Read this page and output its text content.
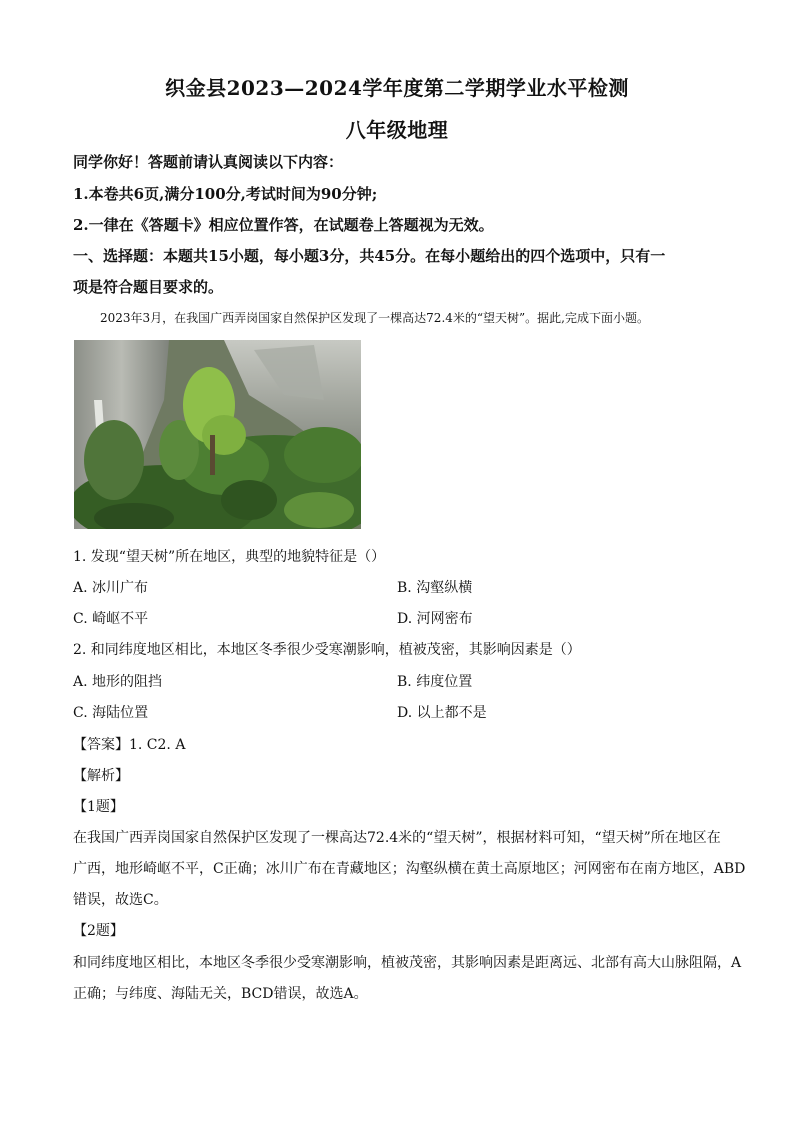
织金县2023—2024学年度第二学期学业水平检测
八年级地理
同学你好！答题前请认真阅读以下内容：
1.本卷共6页,满分100分,考试时间为90分钟;
2.一律在《答题卡》相应位置作答，在试题卷上答题视为无效。
一、选择题：本题共15小题，每小题3分，共45分。在每小题给出的四个选项中，只有一
项是符合题目要求的。
2023年3月，在我国广西弄岗国家自然保护区发现了一棵高达72.4米的“望天树”。据此,完成下面小题。
1. 发现“望天树”所在地区，典型的地貌特征是（）
A. 冰川广布	B. 沟壑纵横
C. 崎岖不平	D. 河网密布
2. 和同纬度地区相比，本地区冬季很少受寒潮影响，植被茂密，其影响因素是（）
A. 地形的阻挡	B. 纬度位置
C. 海陆位置	D. 以上都不是
【答案】1. C2. A
【解析】
【1题】
在我国广西弄岗国家自然保护区发现了一棵高达72.4米的“望天树”，根据材料可知，“望天树”所在地区在
广西，地形崎岖不平，C正确；冰川广布在青藏地区；沟壑纵横在黄土高原地区；河网密布在南方地区，ABD
错误，故选C。
【2题】
和同纬度地区相比，本地区冬季很少受寒潮影响，植被茂密，其影响因素是距离远、北部有高大山脉阻隔，A
正确；与纬度、海陆无关，BCD错误，故选A。
